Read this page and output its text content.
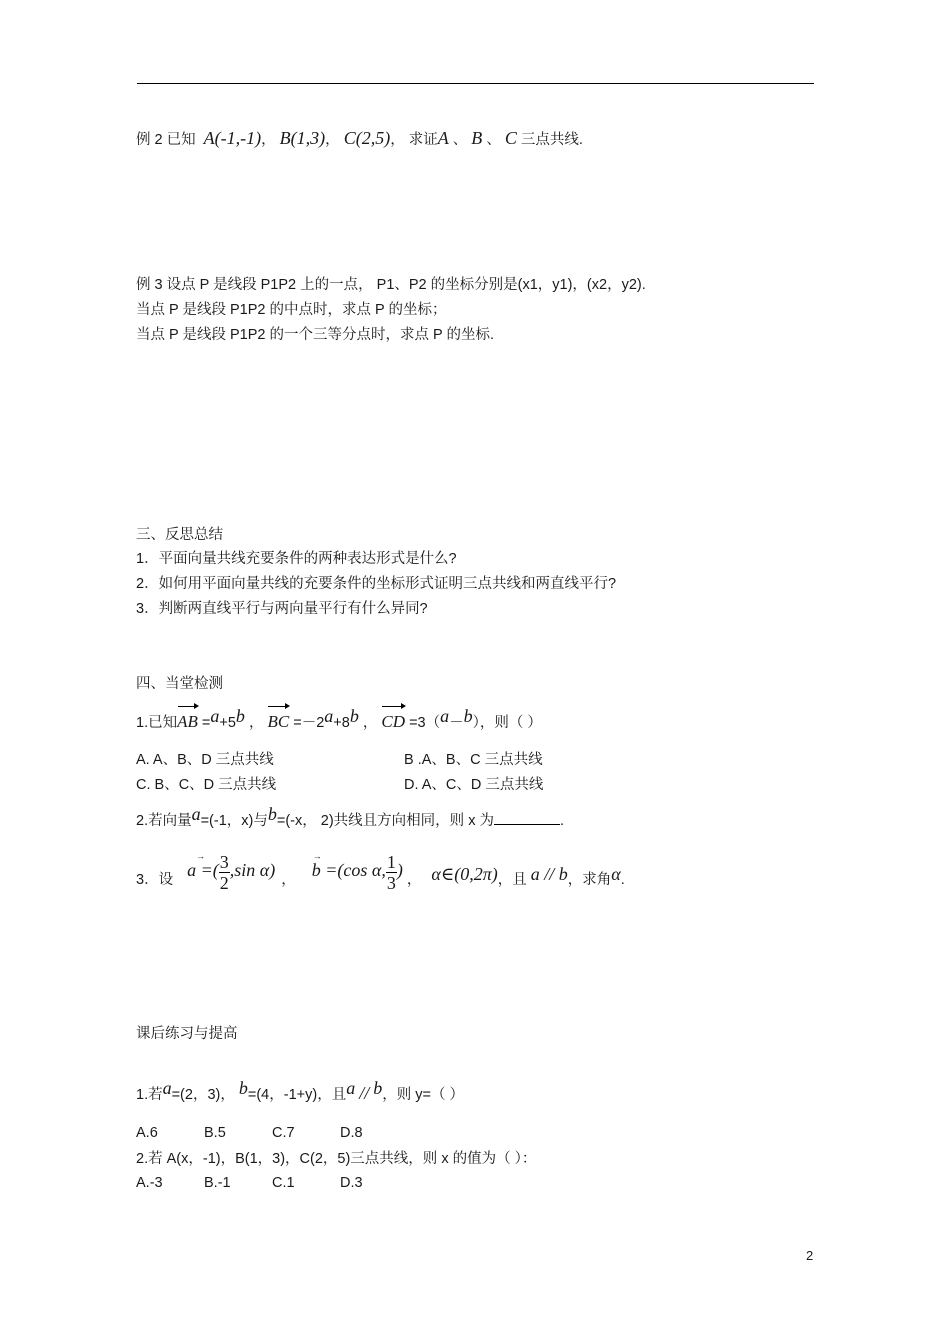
例 2 已知 A(-1,-1)， B(1,3)， C(2,5)， 求证A 、 B 、 C 三点共线.
例 3 设点 P 是线段 P1P2 上的一点， P1、P2 的坐标分别是(x1，y1)，(x2，y2).
当点 P 是线段 P1P2 的中点时，求点 P 的坐标；
当点 P 是线段 P1P2 的一个三等分点时，求点 P 的坐标.
三、反思总结
1．平面向量共线充要条件的两种表达形式是什么?
2．如何用平面向量共线的充要条件的坐标形式证明三点共线和两直线平行?
3．判断两直线平行与两向量平行有什么异同?
四、当堂检测
1.已知AB =a+5b ， BC =－2a+8b ， CD =3（a－b），则（ ）
A. A、B、D 三点共线	B .A、B、C 三点共线
C. B、C、D 三点共线	D. A、C、D 三点共线
2.若向量a=(-1，x)与b=(-x， 2)共线且方向相同，则 x 为	.
3．设
→
a =( $\frac{3}{2} ,\sin$ α) ，
→
b =(cos α, $\frac{1}{3}$ ) ， α∈(0,2π)，且 a // b，求角α.
课后练习与提高
1.若a=(2，3)， b=(4，-1+y)，且a // b，则 y=（ ）
A.6	B.5	C.7	D.8
2.若 A(x，-1)，B(1，3)，C(2，5)三点共线，则 x 的值为（ ）：
A.-3	B.-1	C.1	D.3
2
